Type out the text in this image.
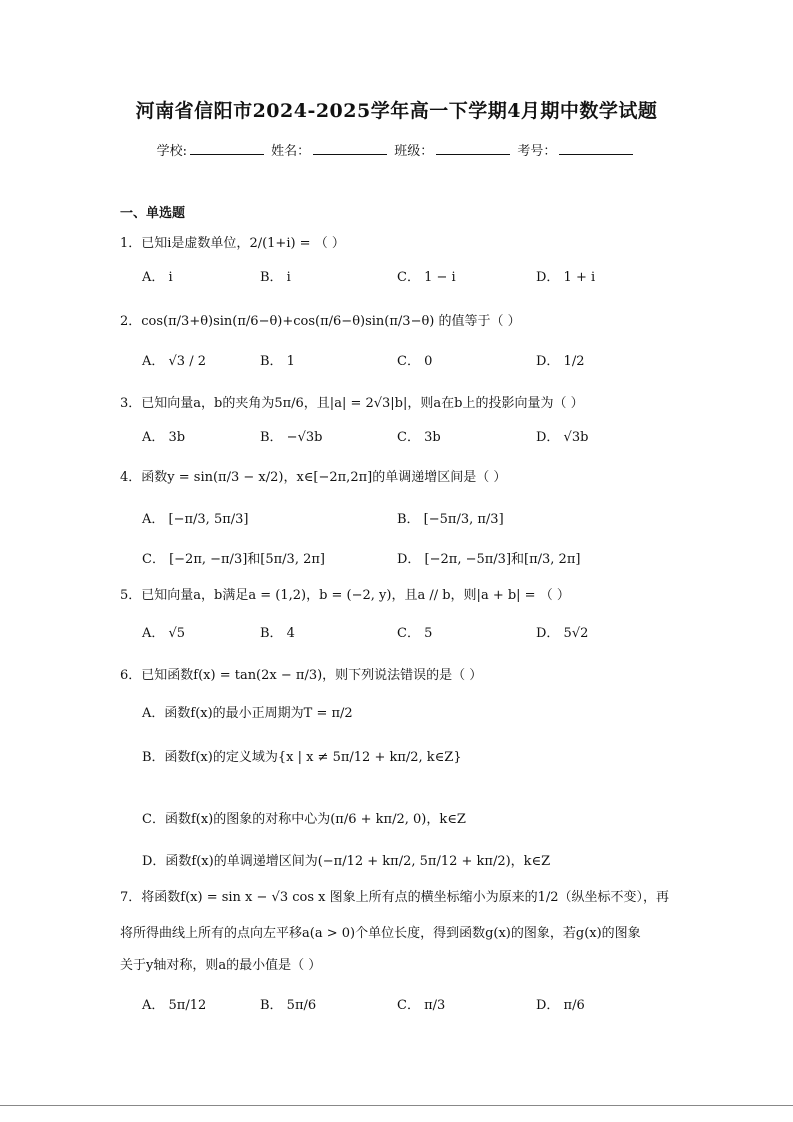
河南省信阳市2024-2025学年高一下学期4月期中数学试题
学校:	姓名：	班级：	考号：
一、单选题
1．已知i是虚数单位，2/(1+i) = （ ）
A． i	B． i	C． 1 − i	D． 1 + i
2．cos(π/3+θ)sin(π/6−θ)+cos(π/6−θ)sin(π/3−θ) 的值等于（ ）
A． √3 / 2	B． 1	C． 0	D． 1/2
3．已知向量a，b的夹角为5π/6，且|a| = 2√3|b|，则a在b上的投影向量为（ ）
A． 3b	B． −√3b	C． 3b	D． √3b
4．函数y = sin(π/3 − x/2)，x∈[−2π,2π]的单调递增区间是（ ）
A． [−π/3, 5π/3]	B． [−5π/3, π/3]
C． [−2π, −π/3]和[5π/3, 2π]	D． [−2π, −5π/3]和[π/3, 2π]
5．已知向量a，b满足a = (1,2)，b = (−2, y)，且a // b，则|a + b| = （ ）
A． √5	B． 4	C． 5	D． 5√2
6．已知函数f(x) = tan(2x − π/3)，则下列说法错误的是（ ）
A．函数f(x)的最小正周期为T = π/2
B．函数f(x)的定义域为{x | x ≠ 5π/12 + kπ/2, k∈Z}
C．函数f(x)的图象的对称中心为(π/6 + kπ/2, 0)，k∈Z
D．函数f(x)的单调递增区间为(−π/12 + kπ/2, 5π/12 + kπ/2)，k∈Z
7．将函数f(x) = sin x − √3 cos x 图象上所有点的横坐标缩小为原来的1/2（纵坐标不变），再
将所得曲线上所有的点向左平移a(a > 0)个单位长度，得到函数g(x)的图象，若g(x)的图象
关于y轴对称，则a的最小值是（ ）
A． 5π/12	B． 5π/6	C． π/3	D． π/6
